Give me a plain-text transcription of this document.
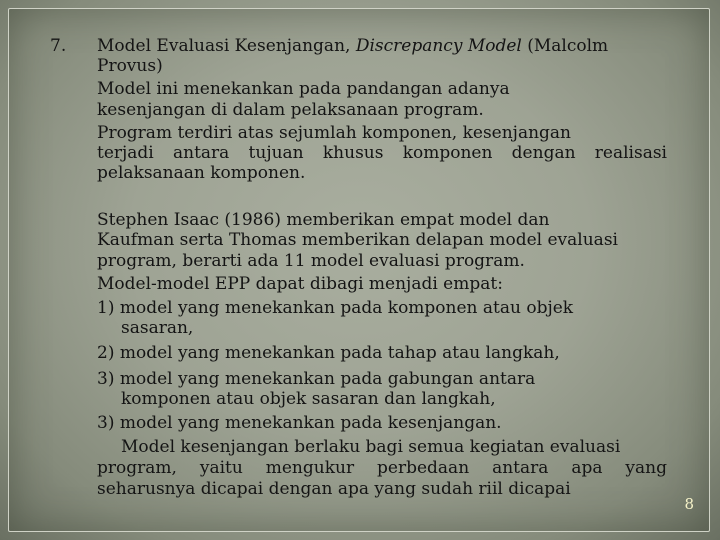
7. Model Evaluasi Kesenjangan, Discrepancy Model (Malcolm
Provus)
Model ini menekankan pada pandangan adanya
kesenjangan di dalam pelaksanaan program.
Program terdiri atas sejumlah komponen, kesenjangan
terjadi antara tujuan khusus komponen dengan realisasi
pelaksanaan komponen.
Stephen Isaac (1986) memberikan empat model dan
Kaufman serta Thomas memberikan delapan model evaluasi
program, berarti ada 11 model evaluasi program.
Model-model EPP dapat dibagi menjadi empat:
1) model yang menekankan pada komponen atau objek
sasaran,
2) model yang menekankan pada tahap atau langkah,
3) model yang menekankan pada gabungan antara
komponen atau objek sasaran dan langkah,
3) model yang menekankan pada kesenjangan.
Model kesenjangan berlaku bagi semua kegiatan evaluasi
program, yaitu mengukur perbedaan antara apa yang
seharusnya dicapai dengan apa yang sudah riil dicapai
8
